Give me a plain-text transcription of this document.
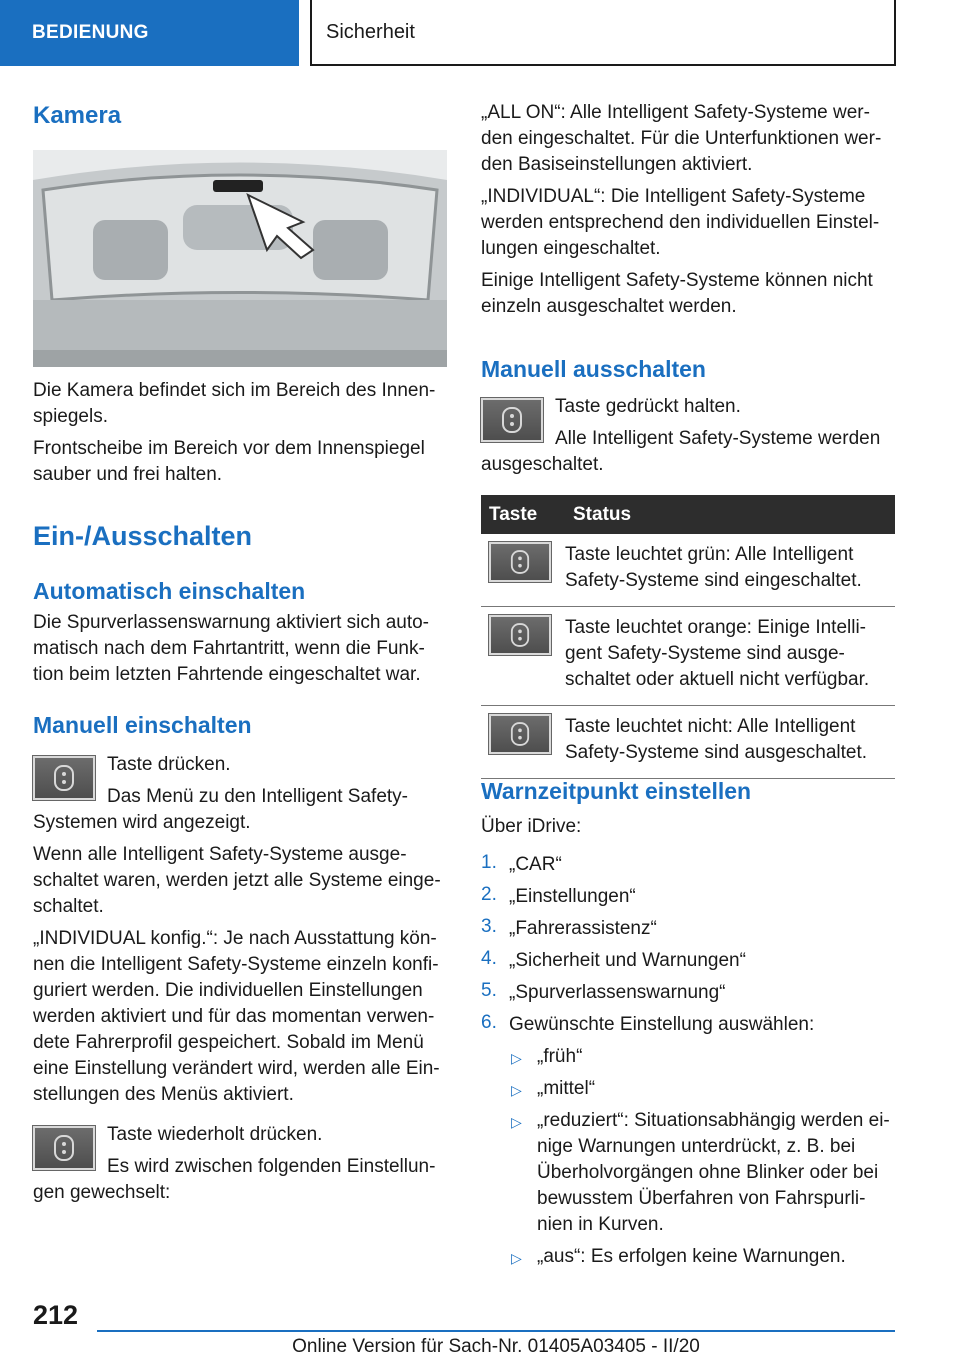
BEDIENUNG	Sicherheit
Kamera
Die Kamera befindet sich im Bereich des Innen-
spiegels.
Frontscheibe im Bereich vor dem Innenspiegel
sauber und frei halten.
Ein-/Ausschalten
Automatisch einschalten
Die Spurverlassenswarnung aktiviert sich auto-
matisch nach dem Fahrtantritt, wenn die Funk-
tion beim letzten Fahrtende eingeschaltet war.
Manuell einschalten
Taste drücken.
Das Menü zu den Intelligent Safety-
Systemen wird angezeigt.
Wenn alle Intelligent Safety-Systeme ausge-
schaltet waren, werden jetzt alle Systeme einge-
schaltet.
„INDIVIDUAL konfig.“: Je nach Ausstattung kön-
nen die Intelligent Safety-Systeme einzeln konfi-
guriert werden. Die individuellen Einstellungen
werden aktiviert und für das momentan verwen-
dete Fahrerprofil gespeichert. Sobald im Menü
eine Einstellung verändert wird, werden alle Ein-
stellungen des Menüs aktiviert.
Taste wiederholt drücken.
Es wird zwischen folgenden Einstellun-
gen gewechselt:
„ALL ON“: Alle Intelligent Safety-Systeme wer-
den eingeschaltet. Für die Unterfunktionen wer-
den Basiseinstellungen aktiviert.
„INDIVIDUAL“: Die Intelligent Safety-Systeme
werden entsprechend den individuellen Einstel-
lungen eingeschaltet.
Einige Intelligent Safety-Systeme können nicht
einzeln ausgeschaltet werden.
Manuell ausschalten
Taste gedrückt halten.
Alle Intelligent Safety-Systeme werden
ausgeschaltet.
Taste	Status

Taste leuchtet grün: Alle Intelligent
Safety-Systeme sind eingeschaltet.

Taste leuchtet orange: Einige Intelli-
gent Safety-Systeme sind ausge-
schaltet oder aktuell nicht verfügbar.

Taste leuchtet nicht: Alle Intelligent
Safety-Systeme sind ausgeschaltet.
Warnzeitpunkt einstellen
Über iDrive:
1. „CAR“
2. „Einstellungen“
3. „Fahrerassistenz“
4. „Sicherheit und Warnungen“
5. „Spurverlassenswarnung“
6. Gewünschte Einstellung auswählen:
▷ „früh“
▷ „mittel“
▷ „reduziert“: Situationsabhängig werden ei-
nige Warnungen unterdrückt, z. B. bei
Überholvorgängen ohne Blinker oder bei
bewusstem Überfahren von Fahrspurli-
nien in Kurven.
▷ „aus“: Es erfolgen keine Warnungen.
212
Online Version für Sach-Nr. 01405A03405 - II/20
